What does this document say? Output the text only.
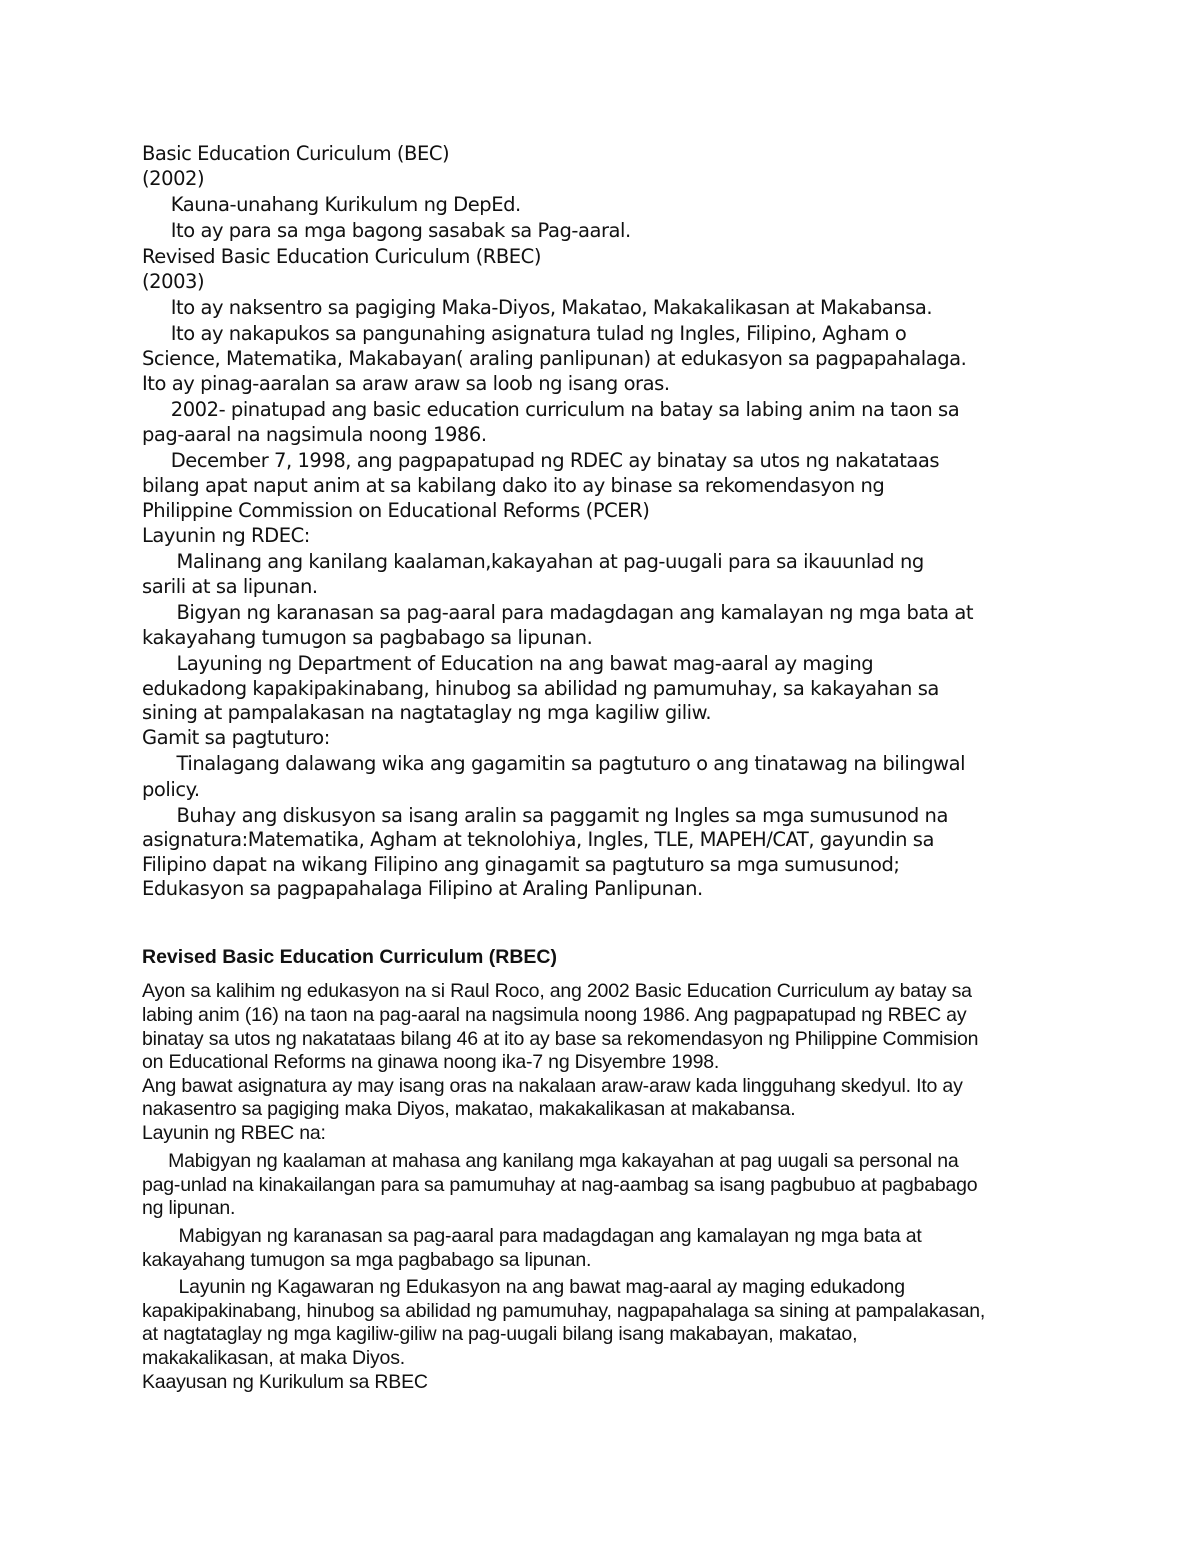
Basic Education Curiculum (BEC)
(2002)
Kauna-unahang Kurikulum ng DepEd.
Ito ay para sa mga bagong sasabak sa Pag-aaral.
Revised Basic Education Curiculum (RBEC)
(2003)
Ito ay naksentro sa pagiging Maka-Diyos, Makatao, Makakalikasan at Makabansa.
Ito ay nakapukos sa pangunahing asignatura tulad ng Ingles, Filipino, Agham o
Science, Matematika, Makabayan( araling panlipunan) at edukasyon sa pagpapahalaga.
Ito ay pinag-aaralan sa araw araw sa loob ng isang oras.
2002- pinatupad ang basic education curriculum na batay sa labing anim na taon sa
pag-aaral na nagsimula noong 1986.
December 7, 1998, ang pagpapatupad ng RDEC ay binatay sa utos ng nakatataas
bilang apat naput anim at sa kabilang dako ito ay binase sa rekomendasyon ng
Philippine Commission on Educational Reforms (PCER)
Layunin ng RDEC:
Malinang ang kanilang kaalaman,kakayahan at pag-uugali para sa ikauunlad ng
sarili at sa lipunan.
Bigyan ng karanasan sa pag-aaral para madagdagan ang kamalayan ng mga bata at
kakayahang tumugon sa pagbabago sa lipunan.
Layuning ng Department of Education na ang bawat mag-aaral ay maging
edukadong kapakipakinabang, hinubog sa abilidad ng pamumuhay, sa kakayahan sa
sining at pampalakasan na nagtataglay ng mga kagiliw giliw.
Gamit sa pagtuturo:
Tinalagang dalawang wika ang gagamitin sa pagtuturo o ang tinatawag na bilingwal
policy.
Buhay ang diskusyon sa isang aralin sa paggamit ng Ingles sa mga sumusunod na
asignatura:Matematika, Agham at teknolohiya, Ingles, TLE, MAPEH/CAT, gayundin sa
Filipino dapat na wikang Filipino ang ginagamit sa pagtuturo sa mga sumusunod;
Edukasyon sa pagpapahalaga Filipino at Araling Panlipunan.
Revised Basic Education Curriculum (RBEC)
Ayon sa kalihim ng edukasyon na si Raul Roco, ang 2002 Basic Education Curriculum ay batay sa
labing anim (16) na taon na pag-aaral na nagsimula noong 1986. Ang pagpapatupad ng RBEC ay
binatay sa utos ng nakatataas bilang 46 at ito ay base sa rekomendasyon ng Philippine Commision
on Educational Reforms na ginawa noong ika-7 ng Disyembre 1998.
Ang bawat asignatura ay may isang oras na nakalaan araw-araw kada lingguhang skedyul. Ito ay
nakasentro sa pagiging maka Diyos, makatao, makakalikasan at makabansa.
Layunin ng RBEC na:
Mabigyan ng kaalaman at mahasa ang kanilang mga kakayahan at pag uugali sa personal na
pag-unlad na kinakailangan para sa pamumuhay at nag-aambag sa isang pagbubuo at pagbabago
ng lipunan.
Mabigyan ng karanasan sa pag-aaral para madagdagan ang kamalayan ng mga bata at
kakayahang tumugon sa mga pagbabago sa lipunan.
Layunin ng Kagawaran ng Edukasyon na ang bawat mag-aaral ay maging edukadong
kapakipakinabang, hinubog sa abilidad ng pamumuhay, nagpapahalaga sa sining at pampalakasan,
at nagtataglay ng mga kagiliw-giliw na pag-uugali bilang isang makabayan, makatao,
makakalikasan, at maka Diyos.
Kaayusan ng Kurikulum sa RBEC
